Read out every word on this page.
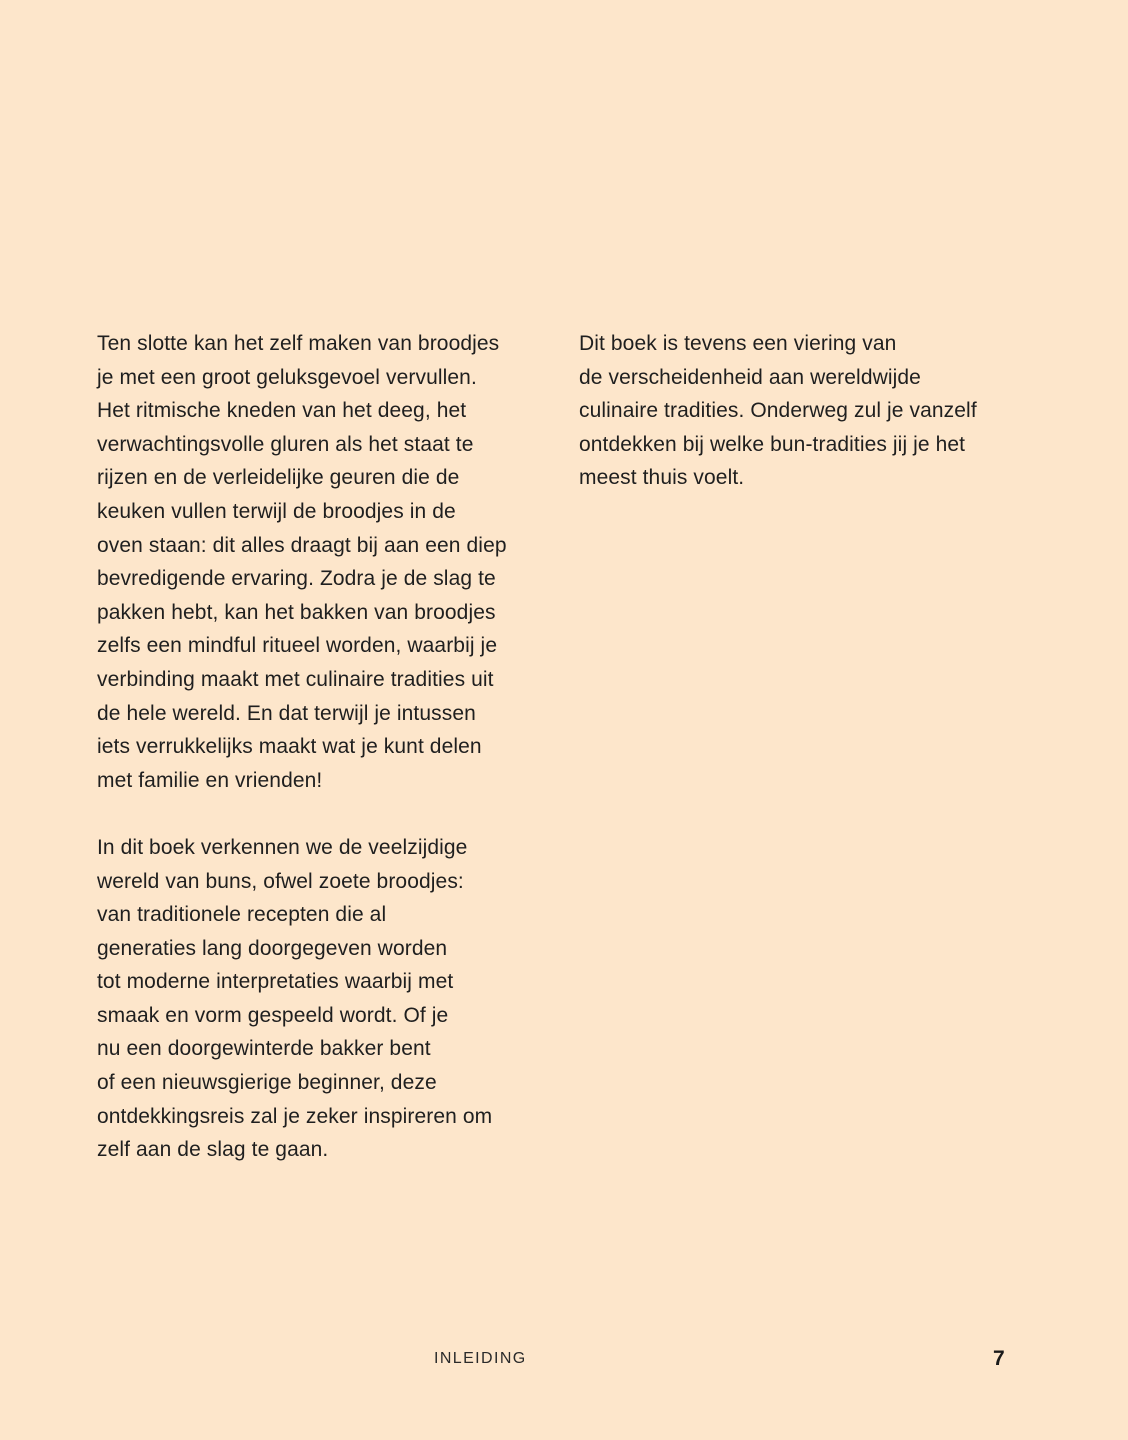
Ten slotte kan het zelf maken van broodjes
je met een groot geluksgevoel vervullen.
Het ritmische kneden van het deeg, het
verwachtingsvolle gluren als het staat te
rijzen en de verleidelijke geuren die de
keuken vullen terwijl de broodjes in de
oven staan: dit alles draagt bij aan een diep
bevredigende ervaring. Zodra je de slag te
pakken hebt, kan het bakken van broodjes
zelfs een mindful ritueel worden, waarbij je
verbinding maakt met culinaire tradities uit
de hele wereld. En dat terwijl je intussen
iets verrukkelijks maakt wat je kunt delen
met familie en vrienden!
In dit boek verkennen we de veelzijdige
wereld van buns, ofwel zoete broodjes:
van traditionele recepten die al
generaties lang doorgegeven worden
tot moderne interpretaties waarbij met
smaak en vorm gespeeld wordt. Of je
nu een doorgewinterde bakker bent
of een nieuwsgierige beginner, deze
ontdekkingsreis zal je zeker inspireren om
zelf aan de slag te gaan.
Dit boek is tevens een viering van
de verscheidenheid aan wereldwijde
culinaire tradities. Onderweg zul je vanzelf
ontdekken bij welke bun-tradities jij je het
meest thuis voelt.
INLEIDING	7
